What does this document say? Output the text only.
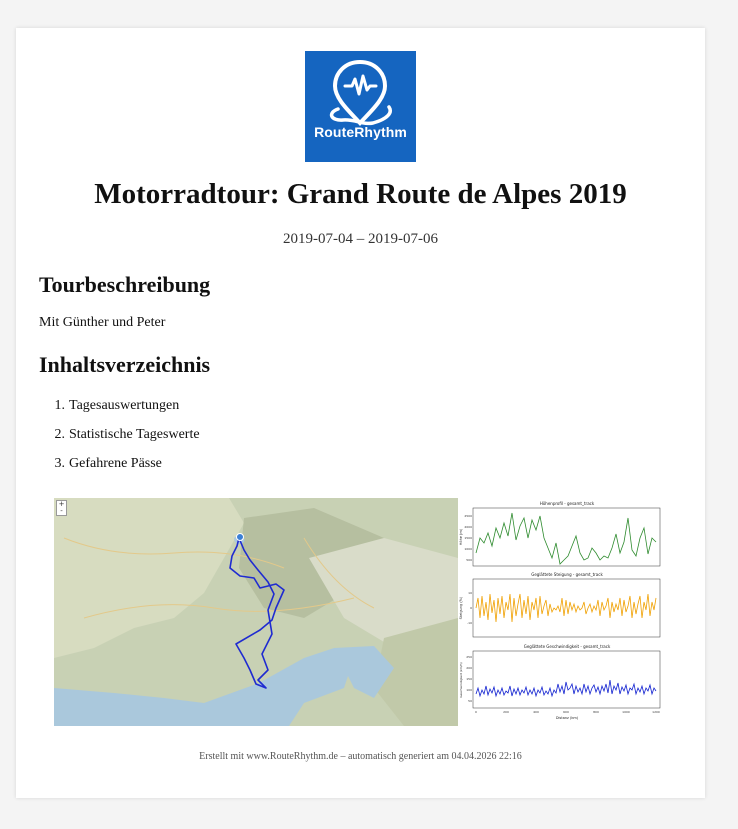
RouteRhythm
Motorradtour: Grand Route de Alpes 2019
2019-07-04 – 2019-07-06
Tourbeschreibung
Mit Günther und Peter
Inhaltsverzeichnis
1. Tagesauswertungen
2. Statistische Tageswerte
3. Gefahrene Pässe
+
-
Höhenprofil - gesamt_track
Höhe (m)
500
1000
1500
2000
2500
Geglättete Steigung - gesamt_track
Steigung (%)
-10
0
10
Geglättete Geschwindigkeit - gesamt_track
Geschwindigkeit (km/h)
50
100
150
200
250
0	200	400	600	800	1000	1200
Distanz (km)
Erstellt mit www.RouteRhythm.de – automatisch generiert am 04.04.2026 22:16
